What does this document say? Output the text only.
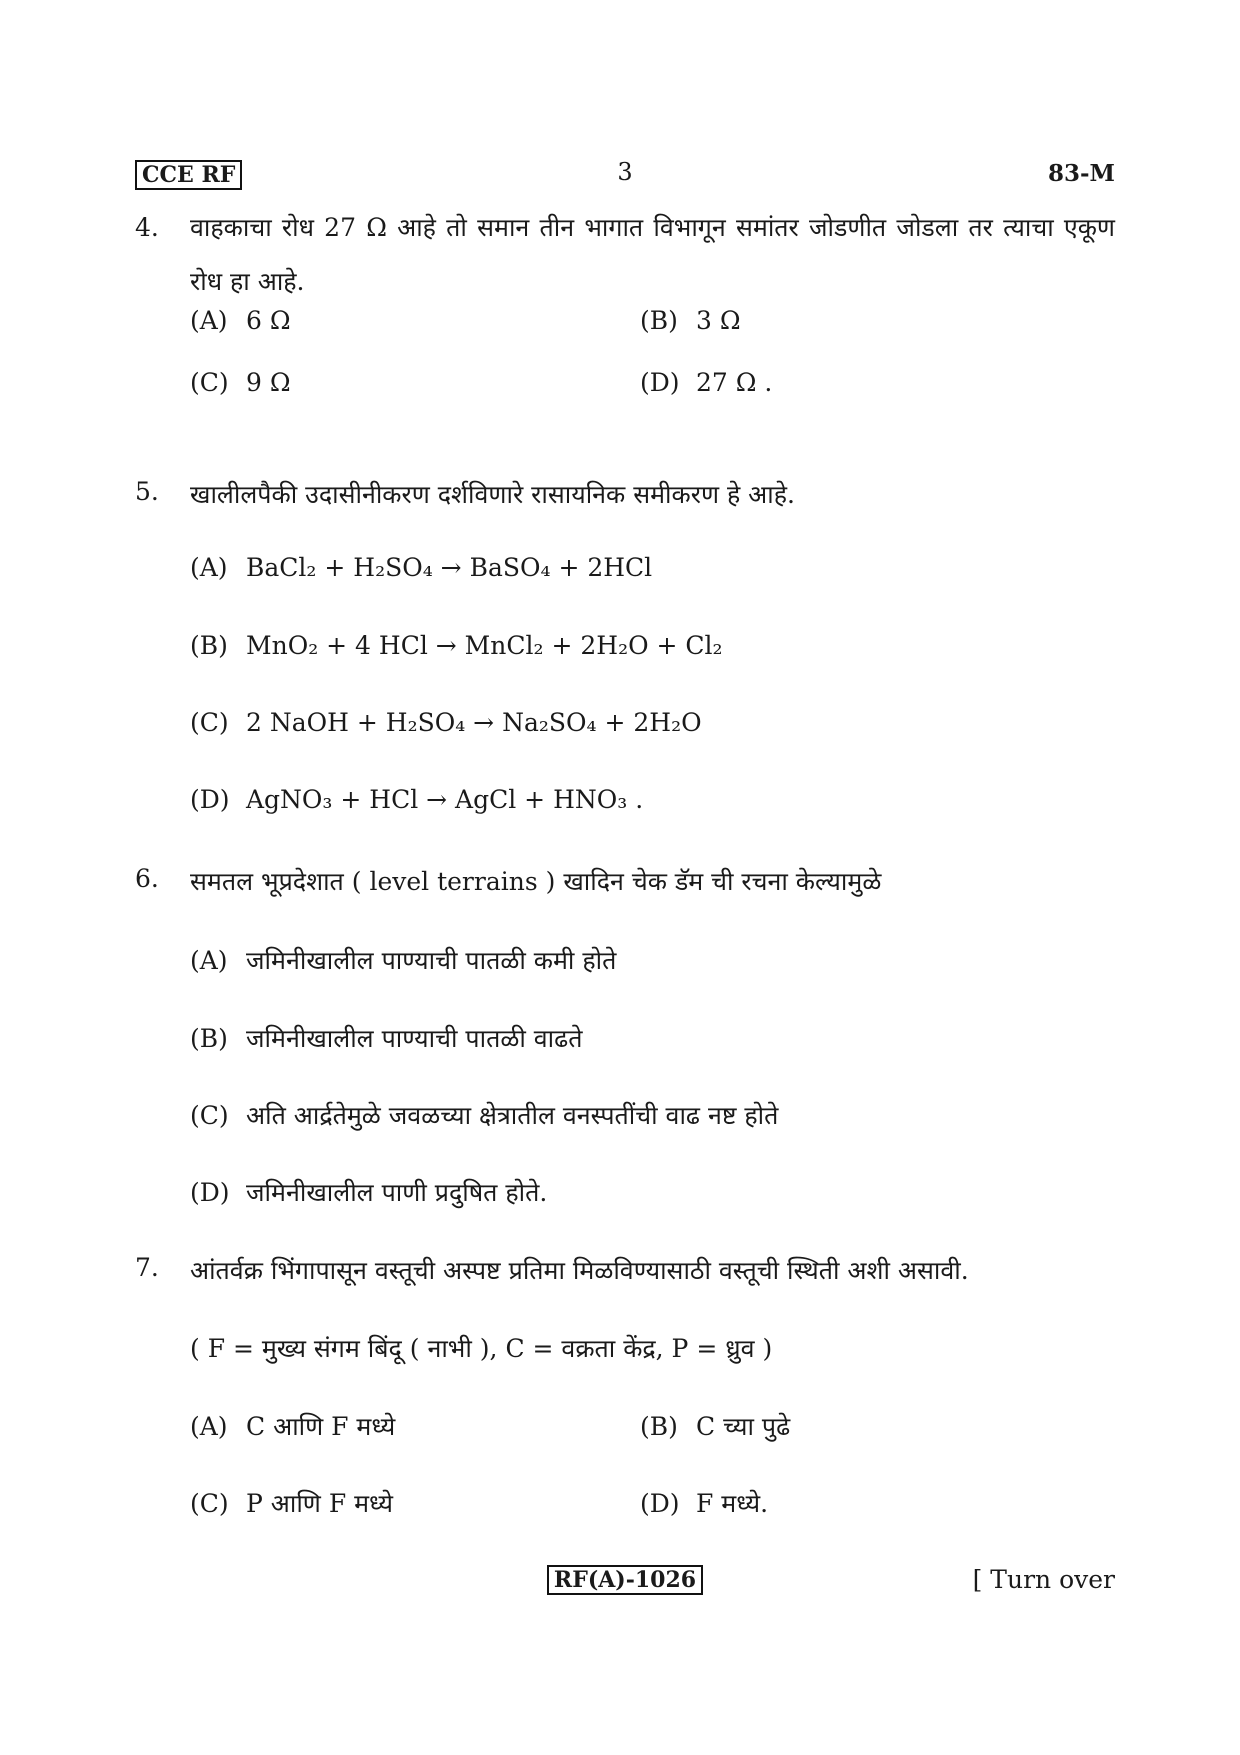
CCE RF	3	83-M
4.	वाहकाचा रोध 27 Ω आहे तो समान तीन भागात विभागून समांतर जोडणीत जोडला तर त्याचा एकूण रोध हा आहे.
(A) 6 Ω	(B) 3 Ω
(C) 9 Ω	(D) 27 Ω .
5.	खालीलपैकी उदासीनीकरण दर्शविणारे रासायनिक समीकरण हे आहे.
(A) BaCl₂ + H₂SO₄ → BaSO₄ + 2HCl
(B) MnO₂ + 4 HCl → MnCl₂ + 2H₂O + Cl₂
(C) 2 NaOH + H₂SO₄ → Na₂SO₄ + 2H₂O
(D) AgNO₃ + HCl → AgCl + HNO₃ .
6.	समतल भूप्रदेशात ( level terrains ) खादिन चेक डॅम ची रचना केल्यामुळे
(A) जमिनीखालील पाण्याची पातळी कमी होते
(B) जमिनीखालील पाण्याची पातळी वाढते
(C) अति आर्द्रतेमुळे जवळच्या क्षेत्रातील वनस्पतींची वाढ नष्ट होते
(D) जमिनीखालील पाणी प्रदुषित होते.
7.	आंतर्वक्र भिंगापासून वस्तूची अस्पष्ट प्रतिमा मिळविण्यासाठी वस्तूची स्थिती अशी असावी.
( F = मुख्य संगम बिंदू ( नाभी ), C = वक्रता केंद्र, P = ध्रुव )
(A) C आणि F मध्ये	(B) C च्या पुढे
(C) P आणि F मध्ये	(D) F मध्ये.
RF(A)-1026	[ Turn over
